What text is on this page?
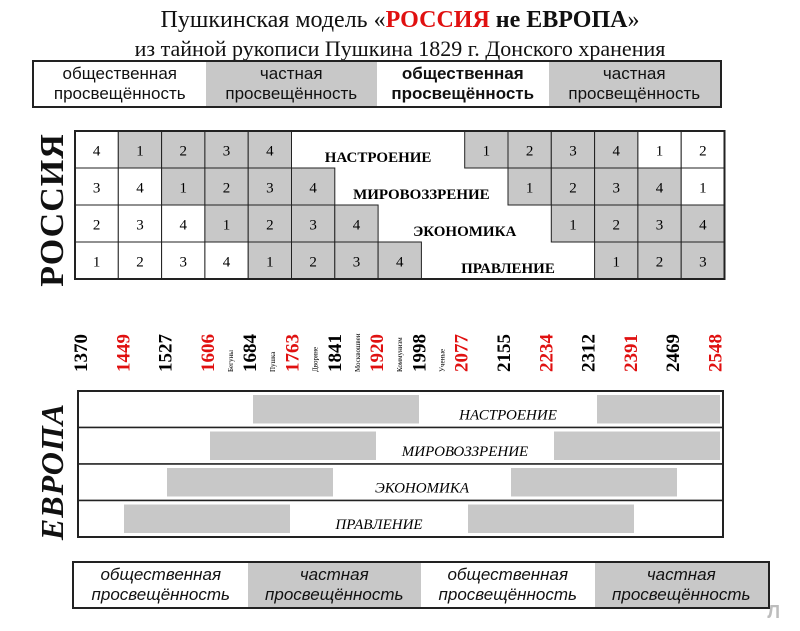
Пушкинская модель «РОССИЯ не ЕВРОПА»
из тайной рукописи Пушкина 1829 г. Донского хранения
общественная просвещённость
частная просвещённость
общественная просвещённость
частная просвещённость
РОССИЯ 4 1 2 3 4	1 2 3 4 1 2
НАСТРОЕНИЕ
3 4 1 2 3 4	1 2 3 4 1
МИРОВОЗЗРЕНИЕ
2 3 4 1 2 3 4	1 2 3 4
ЭКОНОМИКА
1 2 3 4 1 2 3 4	1 2 3
ПРАВЛЕНИЕ
1370 1449 1527 1606 Бегуны 1684 Пушка 1763 Дворяне 1841 Москвошвеи 1920 Коммунизм 1998 Ученые 2077 2155 2234 2312 2391 2469 2548
ЕВРОПА	НАСТРОЕНИЕ
МИРОВОЗЗРЕНИЕ
ЭКОНОМИКА
ПРАВЛЕНИЕ
общественная просвещённость
частная просвещённость
общественная просвещённость
частная просвещённость
Л
